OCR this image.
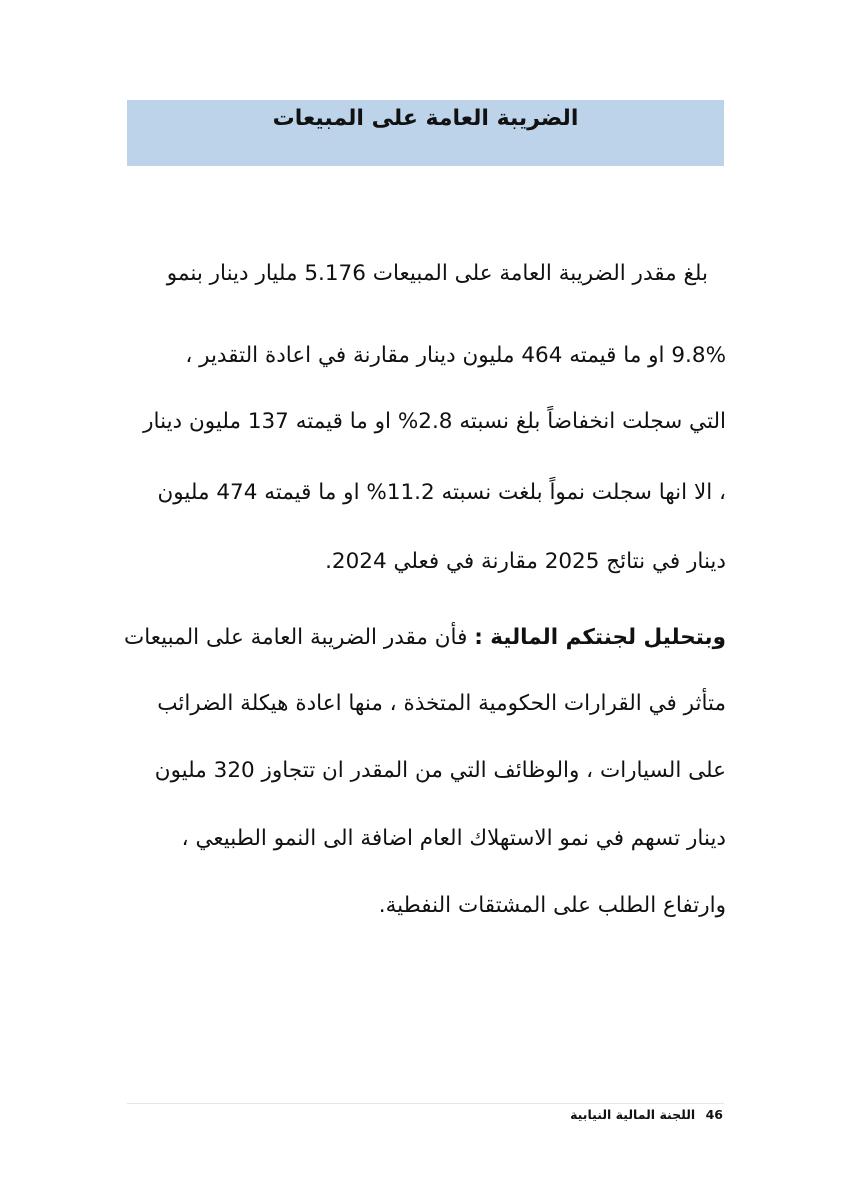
الضريبة العامة على المبيعات
بلغ مقدر الضريبة العامة على المبيعات 5.176 مليار دينار بنمو
9.8% او ما قيمته 464 مليون دينار مقارنة في اعادة التقدير ،
التي سجلت انخفاضاً بلغ نسبته 2.8% او ما قيمته 137 مليون دينار
، الا انها سجلت نمواً بلغت نسبته 11.2% او ما قيمته 474 مليون
دينار في نتائج 2025 مقارنة في فعلي 2024.
وبتحليل لجنتكم المالية : فأن مقدر الضريبة العامة على المبيعات
متأثر في القرارات الحكومية المتخذة ، منها اعادة هيكلة الضرائب
على السيارات ، والوظائف التي من المقدر ان تتجاوز 320 مليون
دينار تسهم في نمو الاستهلاك العام اضافة الى النمو الطبيعي ،
وارتفاع الطلب على المشتقات النفطية.
46 اللجنة المالية النيابية
